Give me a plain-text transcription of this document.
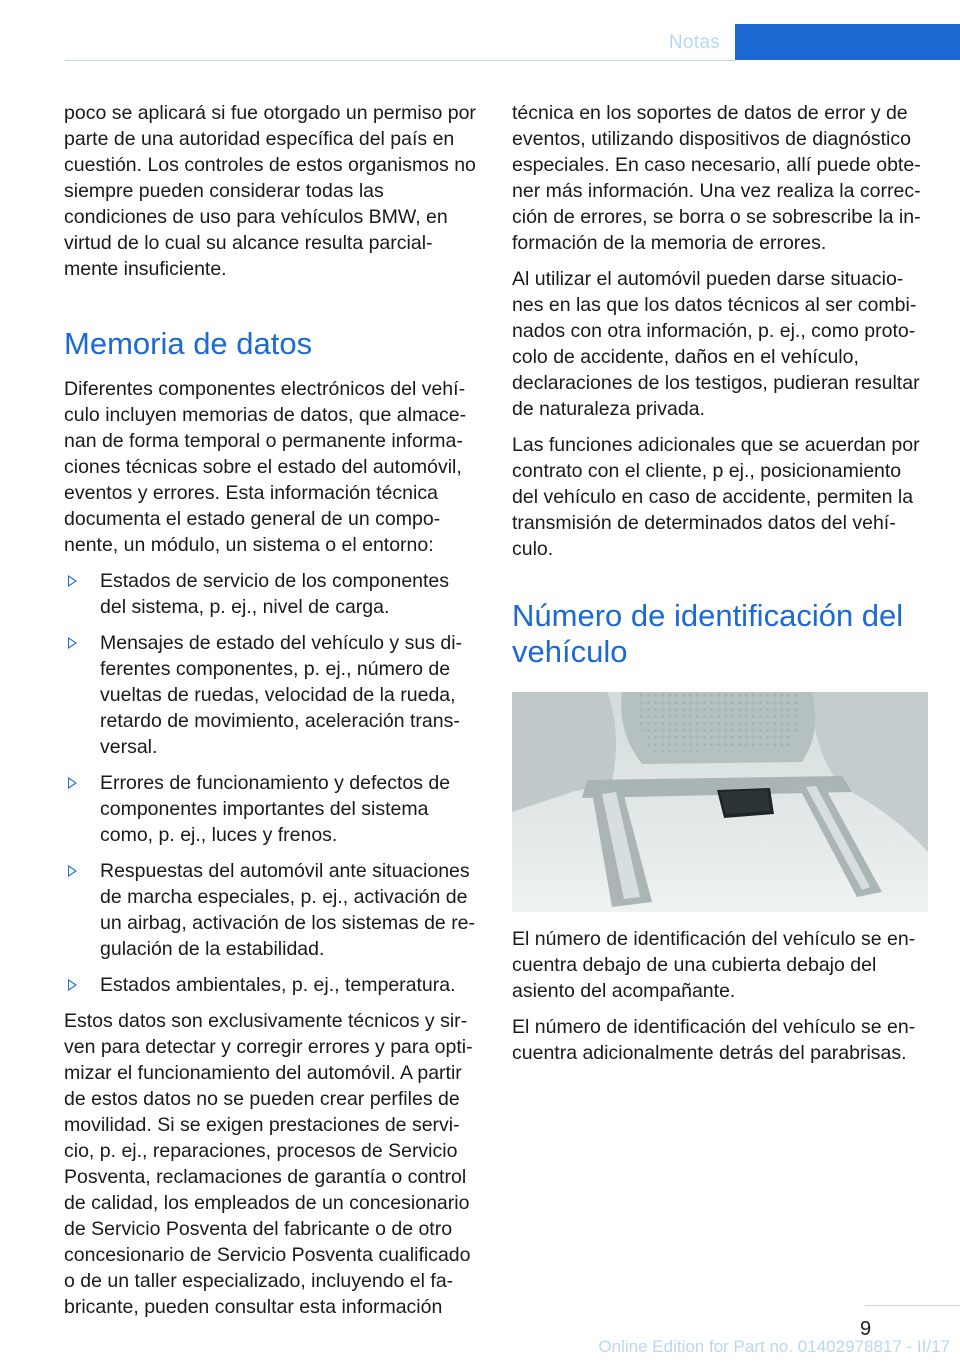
Notas

poco se aplicará si fue otorgado un permiso por parte de una autoridad específica del país en cuestión. Los controles de estos organismos no siempre pueden considerar todas las condiciones de uso para vehículos BMW, en virtud de lo cual su alcance resulta parcialmente insuficiente.

Memoria de datos

Diferentes componentes electrónicos del vehículo incluyen memorias de datos, que almacenan de forma temporal o permanente informaciones técnicas sobre el estado del automóvil, eventos y errores. Esta información técnica documenta el estado general de un componente, un módulo, un sistema o el entorno:

Estados de servicio de los componentes del sistema, p. ej., nivel de carga.
Mensajes de estado del vehículo y sus diferentes componentes, p. ej., número de vueltas de ruedas, velocidad de la rueda, retardo de movimiento, aceleración transversal.
Errores de funcionamiento y defectos de componentes importantes del sistema como, p. ej., luces y frenos.
Respuestas del automóvil ante situaciones de marcha especiales, p. ej., activación de un airbag, activación de los sistemas de regulación de la estabilidad.
Estados ambientales, p. ej., temperatura.

Estos datos son exclusivamente técnicos y sirven para detectar y corregir errores y para optimizar el funcionamiento del automóvil. A partir de estos datos no se pueden crear perfiles de movilidad. Si se exigen prestaciones de servicio, p. ej., reparaciones, procesos de Servicio Posventa, reclamaciones de garantía o control de calidad, los empleados de un concesionario de Servicio Posventa del fabricante o de otro concesionario de Servicio Posventa cualificado o de un taller especializado, incluyendo el fabricante, pueden consultar esta información

técnica en los soportes de datos de error y de eventos, utilizando dispositivos de diagnóstico especiales. En caso necesario, allí puede obtener más información. Una vez realiza la corrección de errores, se borra o se sobrescribe la información de la memoria de errores.

Al utilizar el automóvil pueden darse situaciones en las que los datos técnicos al ser combinados con otra información, p. ej., como protocolo de accidente, daños en el vehículo, declaraciones de los testigos, pudieran resultar de naturaleza privada.

Las funciones adicionales que se acuerdan por contrato con el cliente, p ej., posicionamiento del vehículo en caso de accidente, permiten la transmisión de determinados datos del vehículo.

Número de identificación del vehículo

El número de identificación del vehículo se encuentra debajo de una cubierta debajo del asiento del acompañante.

El número de identificación del vehículo se encuentra adicionalmente detrás del parabrisas.

9
Online Edition for Part no. 01402978817 - II/17
